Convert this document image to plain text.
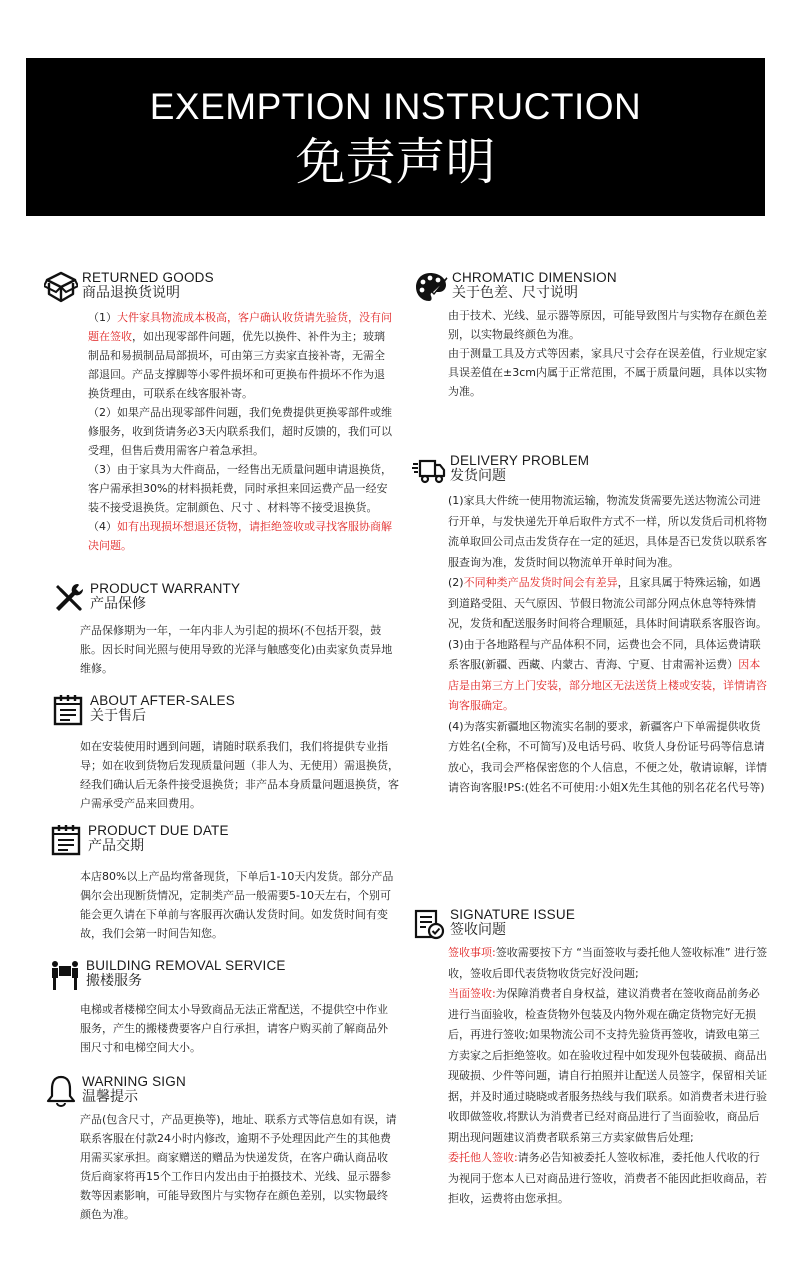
EXEMPTION INSTRUCTION
免责声明
RETURNED GOODS
商品退换货说明

（1）大件家具物流成本极高，客户确认收货请先验货，没有问题在签收，如出现零部件问题，优先以换件、补件为主；玻璃制品和易损制品局部损坏，可由第三方卖家直接补寄，无需全部退回。产品支撑脚等小零件损坏和可更换布件损坏不作为退换货理由，可联系在线客服补寄。

（2）如果产品出现零部件问题，我们免费提供更换零部件或维修服务，收到货请务必3天内联系我们，超时反馈的，我们可以受理，但售后费用需客户着急承担。

（3）由于家具为大件商品，一经售出无质量问题申请退换货，客户需承担30%的材料损耗费，同时承担来回运费产品一经安装不接受退换货。定制颜色、尺寸 、材料等不接受退换货。

（4）如有出现损坏想退还货物，请拒绝签收或寻找客服协商解决问题。

PRODUCT WARRANTY
产品保修
产品保修期为一年，一年内非人为引起的损坏(不包括开裂，鼓胀。因长时间光照与使用导致的光泽与触感变化)由卖家负责异地维修。
ABOUT AFTER-SALES
关于售后
如在安装使用时遇到问题，请随时联系我们，我们将提供专业指导；如在收到货物后发现质量问题（非人为、无使用）需退换货，经我们确认后无条件接受退换货；非产品本身质量问题退换货，客户需承受产品来回费用。
PRODUCT DUE DATE
产品交期
本店80%以上产品均常备现货，下单后1-10天内发货。部分产品偶尔会出现断货情况，定制类产品一般需要5-10天左右，个别可能会更久请在下单前与客服再次确认发货时间。如发货时间有变故，我们会第一时间告知您。
BUILDING REMOVAL SERVICE
搬楼服务
电梯或者楼梯空间太小导致商品无法正常配送，不提供空中作业服务，产生的搬楼费要客户自行承担，请客户购买前了解商品外围尺寸和电梯空间大小。
WARNING SIGN
温馨提示
产品(包含尺寸，产品更换等)，地址、联系方式等信息如有误，请联系客服在付款24小时内修改，逾期不予处理因此产生的其他费用需买家承担。商家赠送的赠品为快递发货，在客户确认商品收货后商家将再15个工作日内发出由于拍摄技术、光线、显示器参数等因素影响，可能导致图片与实物存在颜色差别，以实物最终颜色为准。
CHROMATIC DIMENSION
关于色差、尺寸说明

由于技术、光线、显示器等原因，可能导致图片与实物存在颜色差别，以实物最终颜色为准。

由于测量工具及方式等因素，家具尺寸会存在误差值，行业规定家具误差值在±3cm内属于正常范围，不属于质量问题，具体以实物为准。

DELIVERY PROBLEM
发货问题

(1)家具大件统一使用物流运输，物流发货需要先送达物流公司进行开单，与发快递先开单后取件方式不一样，所以发货后司机将物流单取回公司点击发货存在一定的延迟，具体是否已发货以联系客服查询为准，发货时间以物流单开单时间为准。

(2)不同种类产品发货时间会有差异，且家具属于特殊运输，如遇到道路受阻、天气原因、节假日物流公司部分网点休息等特殊情况，发货和配送服务时间将合理顺延，具体时间请联系客服咨询。

(3)由于各地路程与产品体积不同，运费也会不同，具体运费请联系客服(新疆、西藏、内蒙古、青海、宁夏、甘肃需补运费）因本店是由第三方上门安装，部分地区无法送货上楼或安装，详情请咨询客服确定。

(4)为落实新疆地区物流实名制的要求，新疆客户下单需提供收货方姓名(全称，不可简写)及电话号码、收货人身份证号码等信息请放心，我司会严格保密您的个人信息，不便之处，敬请谅解，详情请咨询客服!PS:(姓名不可使用:小姐X先生其他的别名花名代号等)

SIGNATURE ISSUE
签收问题

签收事项:签收需要按下方 “当面签收与委托他人签收标准” 进行签收，签收后即代表货物收货完好没问题;

当面签收:为保障消费者自身权益，建议消费者在签收商品前务必进行当面验收，检查货物外包装及内物外观在确定货物完好无损后，再进行签收;如果物流公司不支持先验货再签收，请致电第三方卖家之后拒绝签收。如在验收过程中如发现外包装破损、商品出现破损、少件等问题，请自行拍照并让配送人员签字，保留相关证据，并及时通过晓晓或者服务热线与我们联系。如消费者未进行验收即做签收,将默认为消费者已经对商品进行了当面验收，商品后期出现问题建议消费者联系第三方卖家做售后处理;

委托他人签收:请务必告知被委托人签收标准，委托他人代收的行为视同于您本人已对商品进行签收，消费者不能因此拒收商品，若拒收，运费将由您承担。
